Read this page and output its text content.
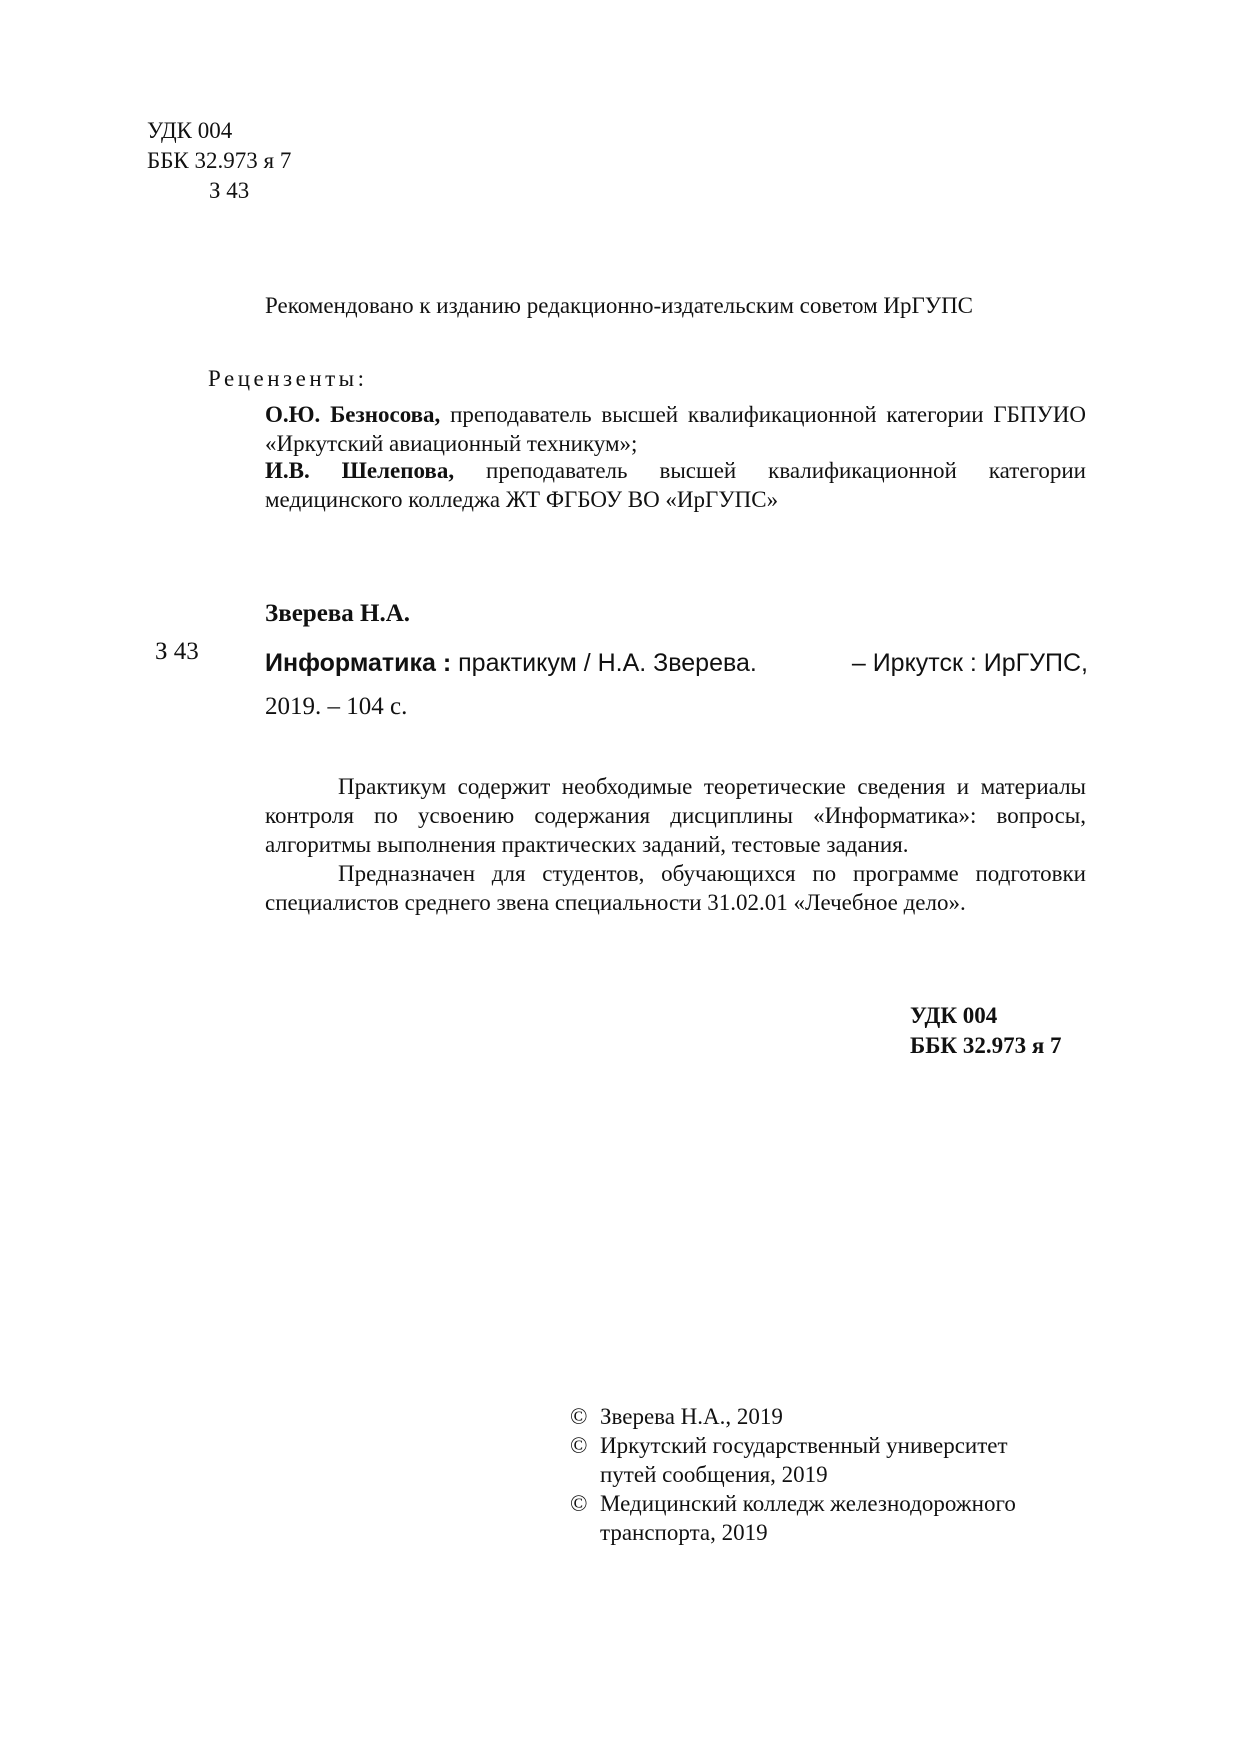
УДК 004
ББК 32.973 я 7
З 43
Рекомендовано к изданию редакционно-издательским советом ИрГУПС
Рецензенты:
О.Ю. Безносова, преподаватель высшей квалификационной категории ГБПУИО «Иркутский авиационный техникум»;
И.В. Шелепова, преподаватель высшей квалификационной категории медицинского колледжа ЖТ ФГБОУ ВО «ИрГУПС»
Зверева Н.А.
З 43	Информатика : практикум / Н.А. Зверева.	– Иркутск : ИрГУПС,
2019. – 104 с.
Практикум содержит необходимые теоретические сведения и материалы контроля по усвоению содержания дисциплины «Информатика»: вопросы, алгоритмы выполнения практических заданий, тестовые задания.
Предназначен для студентов, обучающихся по программе подготовки специалистов среднего звена специальности 31.02.01 «Лечебное дело».
УДК 004
ББК 32.973 я 7
© Зверева Н.А., 2019
© Иркутский государственный университет
путей сообщения, 2019
© Медицинский колледж железнодорожного
транспорта, 2019
